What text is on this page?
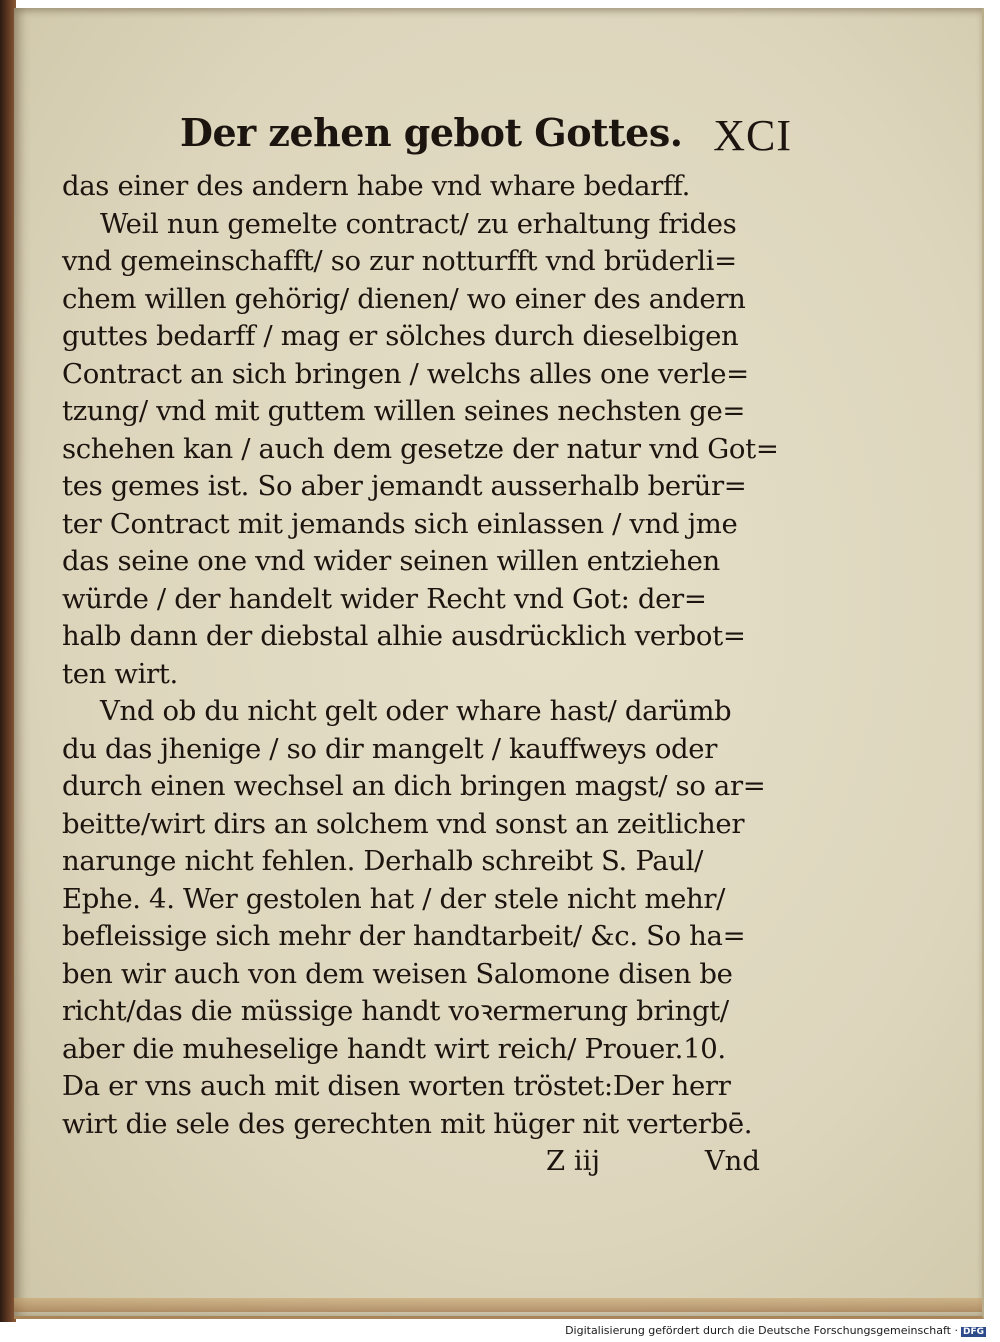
Der zehen gebot Gottes. XCI
das einer des andern habe vnd whare bedarff.
Weil nun gemelte contract/ zu erhaltung frides
vnd gemeinschafft/ so zur notturfft vnd brüderli=
chem willen gehörig/ dienen/ wo einer des andern
guttes bedarff / mag er sölches durch dieselbigen
Contract an sich bringen / welchs alles one verle=
tzung/ vnd mit guttem willen seines nechsten ge=
schehen kan / auch dem gesetze der natur vnd Got=
tes gemes ist. So aber jemandt ausserhalb berür=
ter Contract mit jemands sich einlassen / vnd jme
das seine one vnd wider seinen willen entziehen
würde / der handelt wider Recht vnd Got: der=
halb dann der diebstal alhie ausdrücklich verbot=
ten wirt.
Vnd ob du nicht gelt oder whare hast/ darümb
du das jhenige / so dir mangelt / kauffweys oder
durch einen wechsel an dich bringen magst/ so ar=
beitte/wirt dirs an solchem vnd sonst an zeitlicher
narunge nicht fehlen. Derhalb schreibt S. Paul/
Ephe. 4. Wer gestolen hat / der stele nicht mehr/
befleissige sich mehr der handtarbeit/ &c. So ha=
ben wir auch von dem weisen Salomone disen be
richt/das die müssige handt voꝛermerung bringt/
aber die muheselige handt wirt reich/ Prouer.10.
Da er vns auch mit disen worten tröstet:Der herr
wirt die sele des gerechten mit hüger nit verterbē.
Z iij	Vnd
Digitalisierung gefördert durch die Deutsche Forschungsgemeinschaft · DFG
